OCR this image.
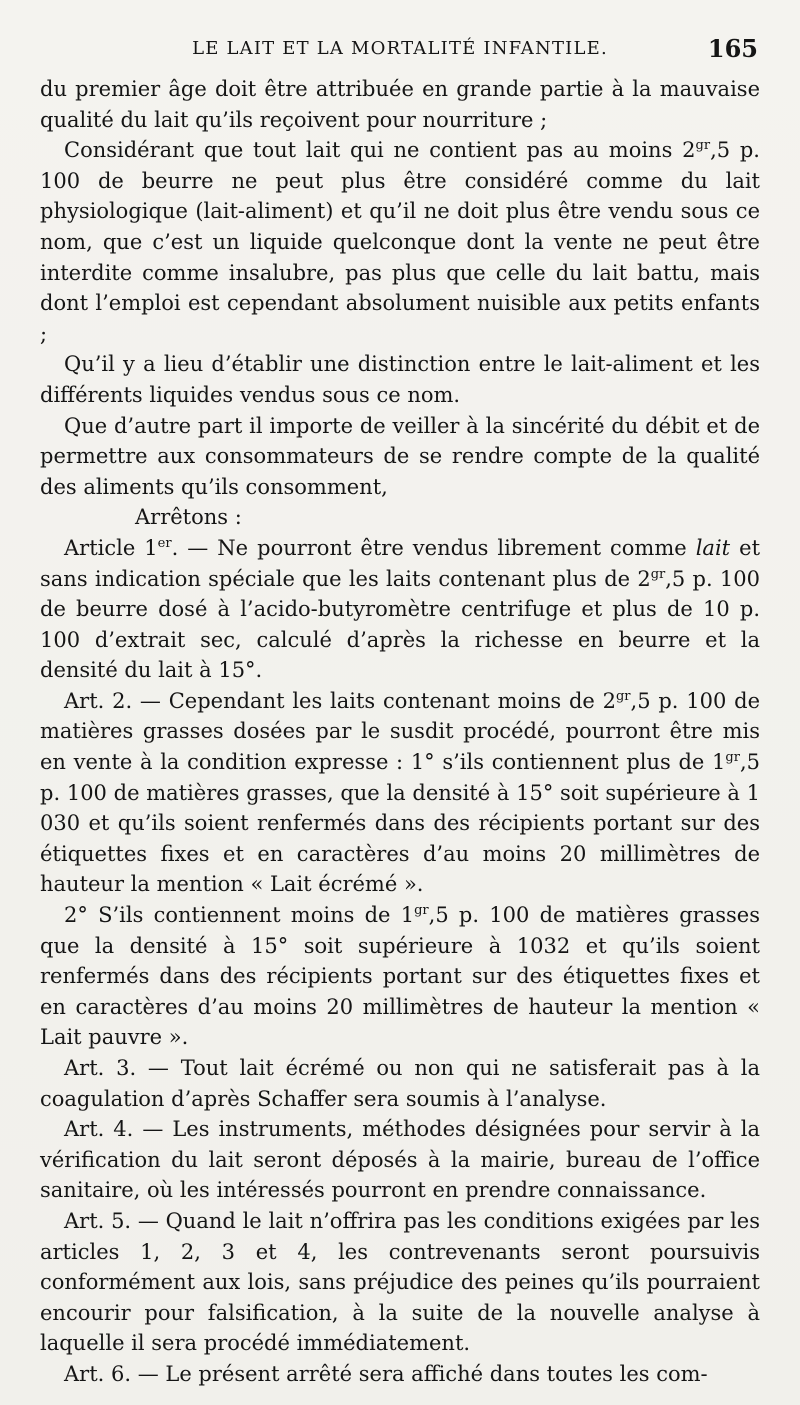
LE LAIT ET LA MORTALITÉ INFANTILE.	165

du premier âge doit être attribuée en grande partie à la mauvaise qualité du lait qu’ils reçoivent pour nourriture ;

Considérant que tout lait qui ne contient pas au moins $2^{gr},5$ p. 100 de beurre ne peut plus être considéré comme du lait physiologique (lait-aliment) et qu’il ne doit plus être vendu sous ce nom, que c’est un liquide quelconque dont la vente ne peut être interdite comme insalubre, pas plus que celle du lait battu, mais dont l’emploi est cependant absolument nuisible aux petits enfants ;

Qu’il y a lieu d’établir une distinction entre le lait-aliment et les différents liquides vendus sous ce nom.

Que d’autre part il importe de veiller à la sincérité du débit et de permettre aux consommateurs de se rendre compte de la qualité des aliments qu’ils consomment,

Arrêtons :

Article 1er. — Ne pourront être vendus librement comme lait et sans indication spéciale que les laits contenant plus de $2^{gr},5$ p. 100 de beurre dosé à l’acido-butyromètre centrifuge et plus de 10 p. 100 d’extrait sec, calculé d’après la richesse en beurre et la densité du lait à 15°.

Art. 2. — Cependant les laits contenant moins de $2^{gr},5$ p. 100 de matières grasses dosées par le susdit procédé, pourront être mis en vente à la condition expresse : 1° s’ils contiennent plus de $1^{gr},5$ p. 100 de matières grasses, que la densité à 15° soit supérieure à 1 030 et qu’ils soient renfermés dans des récipients portant sur des étiquettes fixes et en caractères d’au moins 20 millimètres de hauteur la mention « Lait écrémé ».

2° S’ils contiennent moins de $1^{gr},5$ p. 100 de matières grasses que la densité à 15° soit supérieure à 1032 et qu’ils soient renfermés dans des récipients portant sur des étiquettes fixes et en caractères d’au moins 20 millimètres de hauteur la mention « Lait pauvre ».

Art. 3. — Tout lait écrémé ou non qui ne satisferait pas à la coagulation d’après Schaffer sera soumis à l’analyse.

Art. 4. — Les instruments, méthodes désignées pour servir à la vérification du lait seront déposés à la mairie, bureau de l’office sanitaire, où les intéressés pourront en prendre connaissance.

Art. 5. — Quand le lait n’offrira pas les conditions exigées par les articles 1, 2, 3 et 4, les contrevenants seront poursuivis conformément aux lois, sans préjudice des peines qu’ils pourraient encourir pour falsification, à la suite de la nouvelle analyse à laquelle il sera procédé immédiatement.

Art. 6. — Le présent arrêté sera affiché dans toutes les com-
